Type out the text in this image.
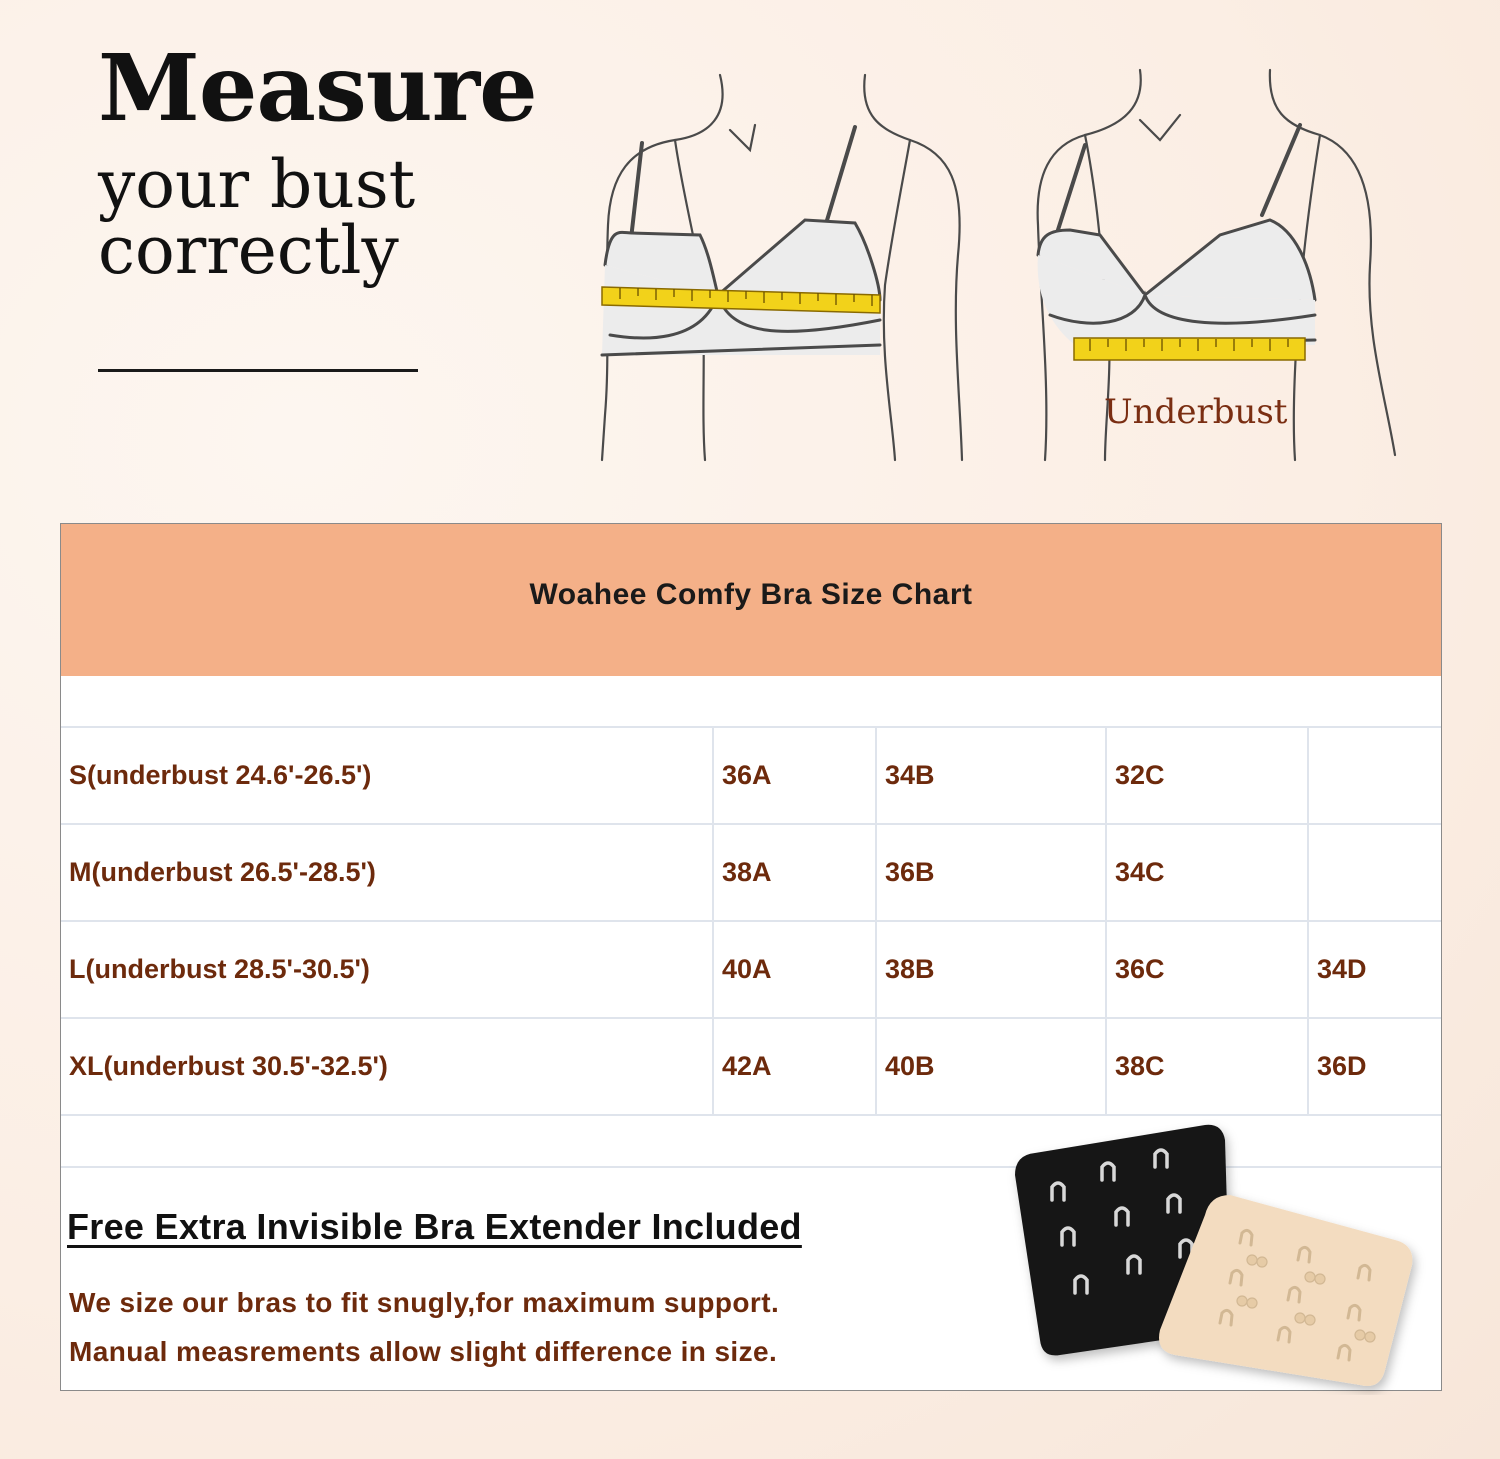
Measure
your bust
correctly
Underbust
Woahee Comfy Bra Size Chart
S(underbust 24.6'-26.5')	36A	34B	32C
M(underbust 26.5'-28.5')	38A	36B	34C
L(underbust 28.5'-30.5')	40A	38B	36C	34D
XL(underbust 30.5'-32.5')	42A	40B	38C	36D
Free Extra Invisible Bra Extender Included
We size our bras to fit snugly,for maximum support.
Manual measrements allow slight difference in size.
